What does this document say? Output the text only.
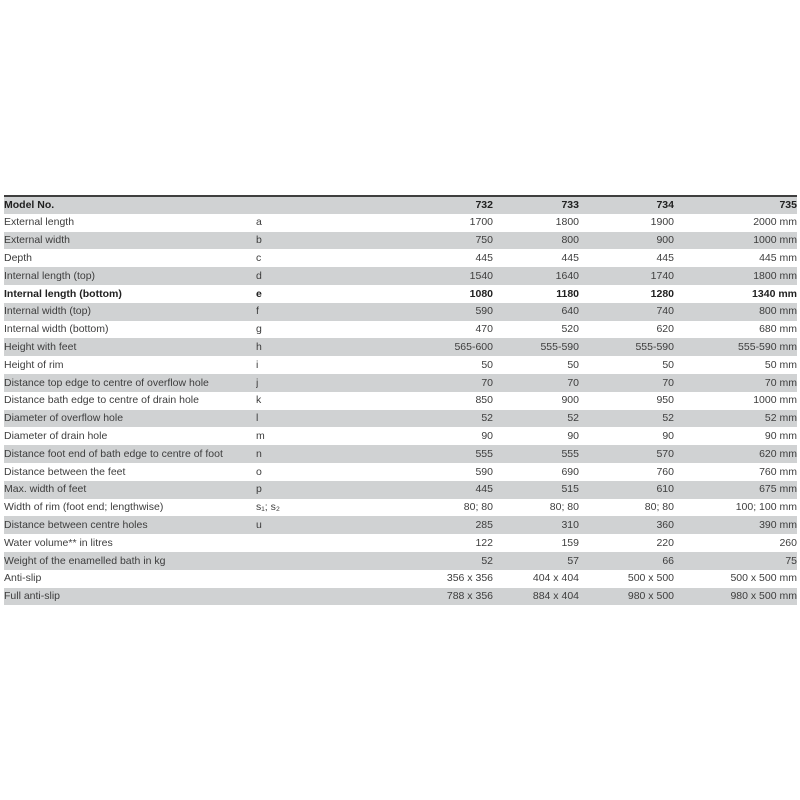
Model No.		732	733	734	735
External length	a	1700	1800	1900	2000 mm
External width	b	750	800	900	1000 mm
Depth	c	445	445	445	445 mm
Internal length (top)	d	1540	1640	1740	1800 mm
Internal length (bottom)	e	1080	1180	1280	1340 mm
Internal width (top)	f	590	640	740	800 mm
Internal width (bottom)	g	470	520	620	680 mm
Height with feet	h	565-600	555-590	555-590	555-590 mm
Height of rim	i	50	50	50	50 mm
Distance top edge to centre of overflow hole	j	70	70	70	70 mm
Distance bath edge to centre of drain hole	k	850	900	950	1000 mm
Diameter of overflow hole	l	52	52	52	52 mm
Diameter of drain hole	m	90	90	90	90 mm
Distance foot end of bath edge to centre of foot	n	555	555	570	620 mm
Distance between the feet	o	590	690	760	760 mm
Max. width of feet	p	445	515	610	675 mm
Width of rim (foot end; lengthwise)	s₁; s₂	80; 80	80; 80	80; 80	100; 100 mm
Distance between centre holes	u	285	310	360	390 mm
Water volume** in litres		122	159	220	260
Weight of the enamelled bath in kg		52	57	66	75
Anti-slip		356 x 356	404 x 404	500 x 500	500 x 500 mm
Full anti-slip		788 x 356	884 x 404	980 x 500	980 x 500 mm
